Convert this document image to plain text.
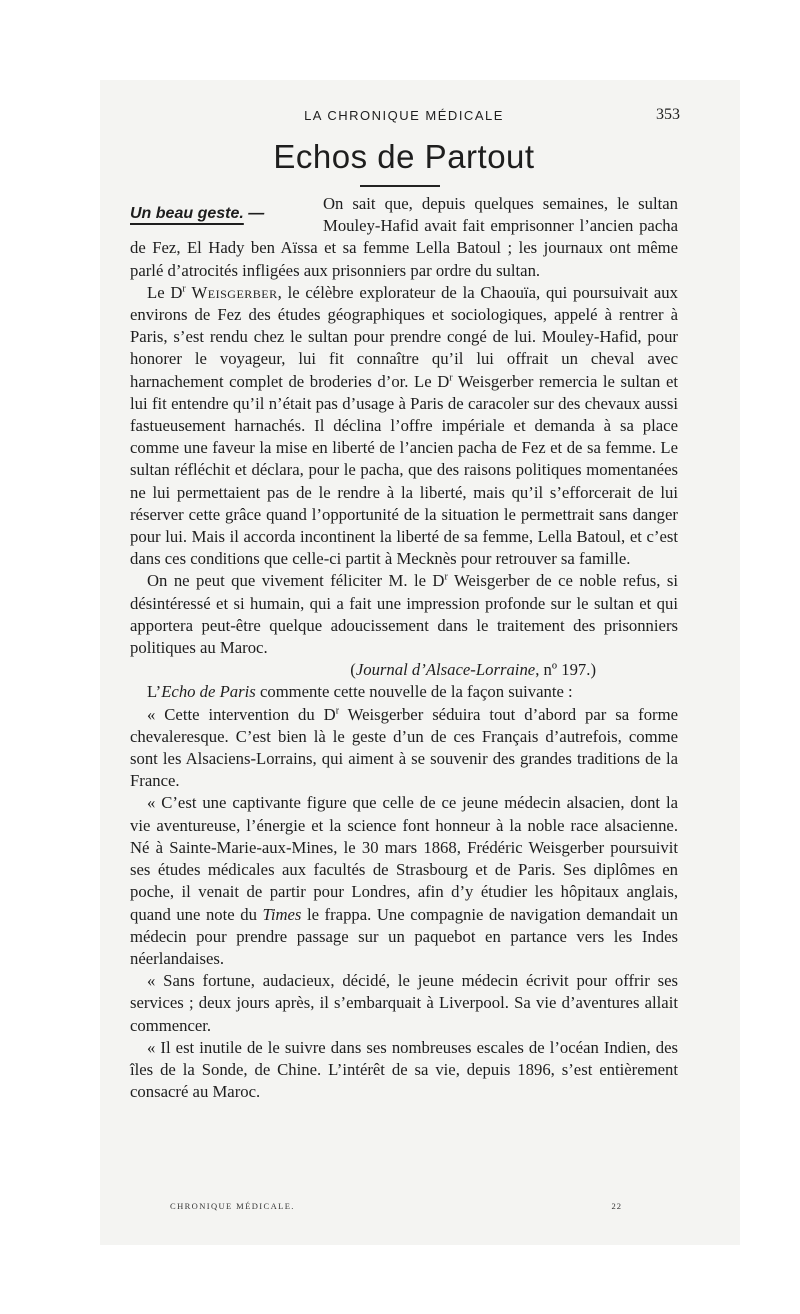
LA CHRONIQUE MÉDICALE	353
Echos de Partout

Un beau geste. —
On sait que, depuis quelques semaines, le sultan Mouley-Hafid avait fait emprisonner l’ancien pacha de Fez, El Hady ben Aïssa et sa femme Lella Batoul ; les journaux ont même parlé d’atrocités infligées aux prisonniers par ordre du sultan.

Le $D^r$ Weisgerber, le célèbre explorateur de la Chaouïa, qui poursuivait aux environs de Fez des études géographiques et sociologiques, appelé à rentrer à Paris, s’est rendu chez le sultan pour prendre congé de lui. Mouley-Hafid, pour honorer le voyageur, lui fit connaître qu’il lui offrait un cheval avec harnachement complet de broderies d’or. Le $D^r$ Weisgerber remercia le sultan et lui fit entendre qu’il n’était pas d’usage à Paris de caracoler sur des chevaux aussi fastueusement harnachés. Il déclina l’offre impériale et demanda à sa place comme une faveur la mise en liberté de l’ancien pacha de Fez et de sa femme. Le sultan réfléchit et déclara, pour le pacha, que des raisons politiques momentanées ne lui permettaient pas de le rendre à la liberté, mais qu’il s’efforcerait de lui réserver cette grâce quand l’opportunité de la situation le permettrait sans danger pour lui. Mais il accorda incontinent la liberté de sa femme, Lella Batoul, et c’est dans ces conditions que celle-ci partit à Mecknès pour retrouver sa famille.

On ne peut que vivement féliciter M. le $D^r$ Weisgerber de ce noble refus, si désintéressé et si humain, qui a fait une impression profonde sur le sultan et qui apportera peut-être quelque adoucissement dans le traitement des prisonniers politiques au Maroc.

(Journal d’Alsace-Lorraine, nº 197.)

L’Echo de Paris commente cette nouvelle de la façon suivante :

« Cette intervention du $D^r$ Weisgerber séduira tout d’abord par sa forme chevaleresque. C’est bien là le geste d’un de ces Français d’autrefois, comme sont les Alsaciens-Lorrains, qui aiment à se souvenir des grandes traditions de la France.

« C’est une captivante figure que celle de ce jeune médecin alsacien, dont la vie aventureuse, l’énergie et la science font honneur à la noble race alsacienne. Né à Sainte-Marie-aux-Mines, le 30 mars 1868, Frédéric Weisgerber poursuivit ses études médicales aux facultés de Strasbourg et de Paris. Ses diplômes en poche, il venait de partir pour Londres, afin d’y étudier les hôpitaux anglais, quand une note du Times le frappa. Une compagnie de navigation demandait un médecin pour prendre passage sur un paquebot en partance vers les Indes néerlandaises.

« Sans fortune, audacieux, décidé, le jeune médecin écrivit pour offrir ses services ; deux jours après, il s’embarquait à Liverpool. Sa vie d’aventures allait commencer.

« Il est inutile de le suivre dans ses nombreuses escales de l’océan Indien, des îles de la Sonde, de Chine. L’intérêt de sa vie, depuis 1896, s’est entièrement consacré au Maroc.

CHRONIQUE MÉDICALE.	22
